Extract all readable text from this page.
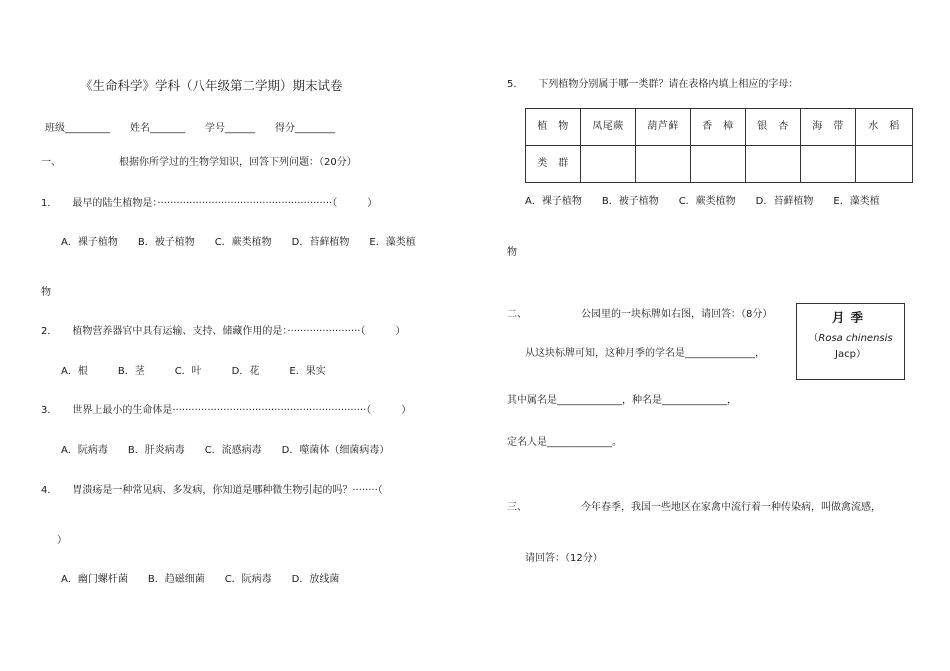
《生命科学》学科（八年级第二学期）期末试卷
班级_________　　姓名_______　　学号______　　得分________
一、	根据你所学过的生物学知识，回答下列问题：（20分）
1．　　最早的陆生植物是：·······················································（　　　）
A．裸子植物　　B．被子植物　　C．蕨类植物　　D．苔藓植物　　E．藻类植
物
2．　　植物营养器官中具有运输、支持、储藏作用的是：·······················（　　　）
A．根　　　B．茎　　　C．叶　　　D．花　　　E．果实
3．　　世界上最小的生命体是·····························································（　　　）
A．阮病毒　　B．肝炎病毒　　C．流感病毒　　D．噬菌体（细菌病毒）
4．　　胃溃疡是一种常见病、多发病，你知道是哪种微生物引起的吗？········（
）
A．幽门螺杆菌　　B．趋磁细菌　　C．阮病毒　　D．放线菌
5．　　下列植物分别属于哪一类群？请在表格内填上相应的字母：
植　物	凤尾蕨	葫芦藓	香　樟	银　杏	海　带	水　稻
类　群						
A．裸子植物　　B．被子植物　　C．蕨类植物　　D．苔藓植物　　E．藻类植
物
二、	公园里的一块标牌如右图，请回答：（8分）
从这块标牌可知，这种月季的学名是______________，
其中属名是_____________，种名是_____________，
定名人是_____________。
月季
（Rosa chinensis
Jacp）
三、	今年春季，我国一些地区在家禽中流行着一种传染病，叫做禽流感，
请回答：（12分）
